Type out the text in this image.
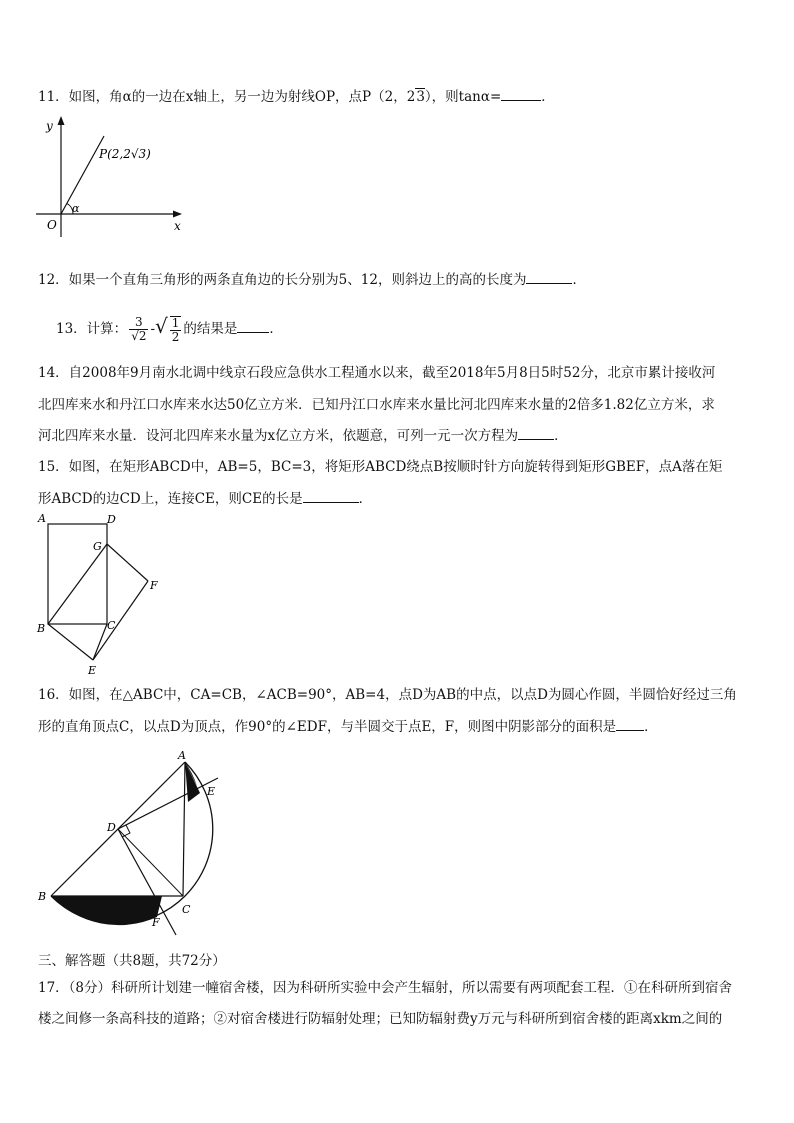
11．如图，角α的一边在x轴上，另一边为射线OP，点P（2，23），则tanα=	．
y
x
O
α
P(2,2√3)
12．如果一个直角三角形的两条直角边的长分别为5、12，则斜边上的高的长度为	．
13．计算： $\frac{3}{√2}$ -√ $\frac{1}{2}$ 的结果是 ．
14．自2008年9月南水北调中线京石段应急供水工程通水以来，截至2018年5月8日5时52分，北京市累计接收河
北四库来水和丹江口水库来水达50亿立方米．已知丹江口水库来水量比河北四库来水量的2倍多1.82亿立方米，求
河北四库来水量．设河北四库来水量为x亿立方米，依题意，可列一元一次方程为	．
15．如图，在矩形ABCD中，AB=5，BC=3，将矩形ABCD绕点B按顺时针方向旋转得到矩形GBEF，点A落在矩
形ABCD的边CD上，连接CE，则CE的长是	．
A	D
G
F
B	C
E
16．如图，在△ABC中，CA=CB，∠ACB=90°，AB=4，点D为AB的中点，以点D为圆心作圆，半圆恰好经过三角
形的直角顶点C，以点D为顶点，作90°的∠EDF，与半圆交于点E，F，则图中阴影部分的面积是 ．
A
E
D
B
C
F
三、解答题（共8题，共72分）
17．（8分）科研所计划建一幢宿舍楼，因为科研所实验中会产生辐射，所以需要有两项配套工程．①在科研所到宿舍
楼之间修一条高科技的道路；②对宿舍楼进行防辐射处理；已知防辐射费y万元与科研所到宿舍楼的距离xkm之间的
